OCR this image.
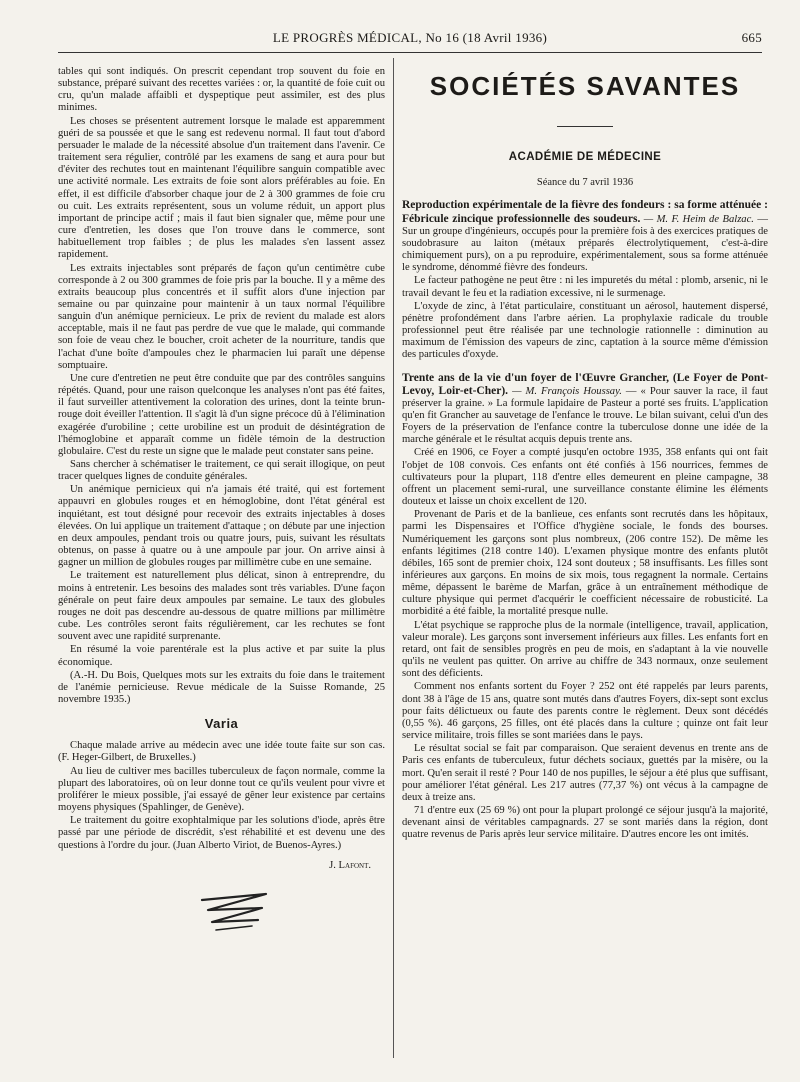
LE PROGRÈS MÉDICAL, No 16 (18 Avril 1936)	665

tables qui sont indiqués. On prescrit cependant trop souvent du foie en substance, préparé suivant des recettes variées : or, la quantité de foie cuit ou cru, qu'un malade affaibli et dyspeptique peut assimiler, est des plus minimes.

Les choses se présentent autrement lorsque le malade est apparemment guéri de sa poussée et que le sang est redevenu normal. Il faut tout d'abord persuader le malade de la nécessité absolue d'un traitement dans l'avenir. Ce traitement sera régulier, contrôlé par les examens de sang et aura pour but d'éviter des rechutes tout en maintenant l'équilibre sanguin compatible avec une activité normale. Les extraits de foie sont alors préférables au foie. En effet, il est difficile d'absorber chaque jour de 2 à 300 grammes de foie cru ou cuit. Les extraits représentent, sous un volume réduit, un apport plus important de principe actif ; mais il faut bien signaler que, même pour une cure d'entretien, les doses que l'on trouve dans le commerce, sont habituellement trop faibles ; de plus les malades s'en lassent assez rapidement.

Les extraits injectables sont préparés de façon qu'un centimètre cube corresponde à 2 ou 300 grammes de foie pris par la bouche. Il y a même des extraits beaucoup plus concentrés et il suffit alors d'une injection par semaine ou par quinzaine pour maintenir à un taux normal l'équilibre sanguin d'un anémique pernicieux. Le prix de revient du malade est alors acceptable, mais il ne faut pas perdre de vue que le malade, qui commande son foie de veau chez le boucher, croit acheter de la nourriture, tandis que l'achat d'une boîte d'ampoules chez le pharmacien lui paraît une dépense somptuaire.

Une cure d'entretien ne peut être conduite que par des contrôles sanguins répétés. Quand, pour une raison quelconque les analyses n'ont pas été faites, il faut surveiller attentivement la coloration des urines, dont la teinte brun-rouge doit éveiller l'attention. Il s'agit là d'un signe précoce dû à l'élimination exagérée d'urobiline ; cette urobiline est un produit de désintégration de l'hémoglobine et apparaît comme un fidèle témoin de la destruction globulaire. C'est du reste un signe que le malade peut constater sans peine.

Sans chercher à schématiser le traitement, ce qui serait illogique, on peut tracer quelques lignes de conduite générales.

Un anémique pernicieux qui n'a jamais été traité, qui est fortement appauvri en globules rouges et en hémoglobine, dont l'état général est inquiétant, est tout désigné pour recevoir des extraits injectables à doses élevées. On lui applique un traitement d'attaque ; on débute par une injection en deux ampoules, pendant trois ou quatre jours, puis, suivant les résultats obtenus, on passe à quatre ou à une ampoule par jour. On arrive ainsi à gagner un million de globules rouges par millimètre cube en une semaine.

Le traitement est naturellement plus délicat, sinon à entreprendre, du moins à entretenir. Les besoins des malades sont très variables. D'une façon générale on peut faire deux ampoules par semaine. Le taux des globules rouges ne doit pas descendre au-dessous de quatre millions par millimètre cube. Les contrôles seront faits régulièrement, car les rechutes se font souvent avec une rapidité surprenante.

En résumé la voie parentérale est la plus active et par suite la plus économique.

(A.-H. Du Bois, Quelques mots sur les extraits du foie dans le traitement de l'anémie pernicieuse. Revue médicale de la Suisse Romande, 25 novembre 1935.)

Varia

Chaque malade arrive au médecin avec une idée toute faite sur son cas. (F. Heger-Gilbert, de Bruxelles.)

Au lieu de cultiver mes bacilles tuberculeux de façon normale, comme la plupart des laboratoires, où on leur donne tout ce qu'ils veulent pour vivre et proliférer le mieux possible, j'ai essayé de gêner leur existence par certains moyens physiques (Spahlinger, de Genève).

Le traitement du goitre exophtalmique par les solutions d'iode, après être passé par une période de discrédit, s'est réhabilité et est devenu une des questions à l'ordre du jour. (Juan Alberto Viriot, de Buenos-Ayres.)

J. Lafont.
SOCIÉTÉS SAVANTES
ACADÉMIE DE MÉDECINE
Séance du 7 avril 1936

Reproduction expérimentale de la fièvre des fondeurs : sa forme atténuée : Fébricule zincique professionnelle des soudeurs. — M. F. Heim de Balzac. — Sur un groupe d'ingénieurs, occupés pour la première fois à des exercices pratiques de soudobrasure au laiton (métaux préparés électrolytiquement, c'est-à-dire chimiquement purs), on a pu reproduire, expérimentalement, sous sa forme atténuée le syndrome, dénommé fièvre des fondeurs.

Le facteur pathogène ne peut être : ni les impuretés du métal : plomb, arsenic, ni le travail devant le feu et la radiation excessive, ni le surmenage.

L'oxyde de zinc, à l'état particulaire, constituant un aérosol, hautement dispersé, pénètre profondément dans l'arbre aérien. La prophylaxie radicale du trouble professionnel peut être réalisée par une technologie rationnelle : diminution au maximum de l'émission des vapeurs de zinc, captation à la source même d'émission des particules d'oxyde.

Trente ans de la vie d'un foyer de l'Œuvre Grancher, (Le Foyer de Pont-Levoy, Loir-et-Cher). — M. François Houssay. — « Pour sauver la race, il faut préserver la graine. » La formule lapidaire de Pasteur a porté ses fruits. L'application qu'en fit Grancher au sauvetage de l'enfance le trouve. Le bilan suivant, celui d'un des Foyers de la préservation de l'enfance contre la tuberculose donne une idée de la marche générale et le résultat acquis depuis trente ans.

Créé en 1906, ce Foyer a compté jusqu'en octobre 1935, 358 enfants qui ont fait l'objet de 108 convois. Ces enfants ont été confiés à 156 nourrices, femmes de cultivateurs pour la plupart, 118 d'entre elles demeurent en pleine campagne, 38 offrent un placement semi-rural, une surveillance constante élimine les éléments douteux et laisse un choix excellent de 120.

Provenant de Paris et de la banlieue, ces enfants sont recrutés dans les hôpitaux, parmi les Dispensaires et l'Office d'hygiène sociale, le fonds des bourses. Numériquement les garçons sont plus nombreux, (206 contre 152). De même les enfants légitimes (218 contre 140). L'examen physique montre des enfants plutôt débiles, 165 sont de premier choix, 124 sont douteux ; 58 insuffisants. Les filles sont inférieures aux garçons. En moins de six mois, tous regagnent la normale. Certains même, dépassent le barème de Marfan, grâce à un entraînement méthodique de culture physique qui permet d'acquérir le coefficient nécessaire de robusticité. La morbidité a été faible, la mortalité presque nulle.

L'état psychique se rapproche plus de la normale (intelligence, travail, application, valeur morale). Les garçons sont inversement inférieurs aux filles. Les enfants fort en retard, ont fait de sensibles progrès en peu de mois, en s'adaptant à la vie nouvelle qu'ils ne veulent pas quitter. On arrive au chiffre de 343 normaux, onze seulement sont des déficients.

Comment nos enfants sortent du Foyer ? 252 ont été rappelés par leurs parents, dont 38 à l'âge de 15 ans, quatre sont mutés dans d'autres Foyers, dix-sept sont exclus pour faits délictueux ou faute des parents contre le règlement. Deux sont décédés (0,55 %). 46 garçons, 25 filles, ont été placés dans la culture ; quinze ont fait leur service militaire, trois filles se sont mariées dans le pays.

Le résultat social se fait par comparaison. Que seraient devenus en trente ans de Paris ces enfants de tuberculeux, futur déchets sociaux, guettés par la misère, ou la mort. Qu'en serait il resté ? Pour 140 de nos pupilles, le séjour a été plus que suffisant, pour améliorer l'état général. Les 217 autres (77,37 %) ont vécus à la campagne de deux à treize ans.

71 d'entre eux (25 69 %) ont pour la plupart prolongé ce séjour jusqu'à la majorité, devenant ainsi de véritables campagnards. 27 se sont mariés dans la région, dont quatre revenus de Paris après leur service militaire. D'autres encore les ont imités.
